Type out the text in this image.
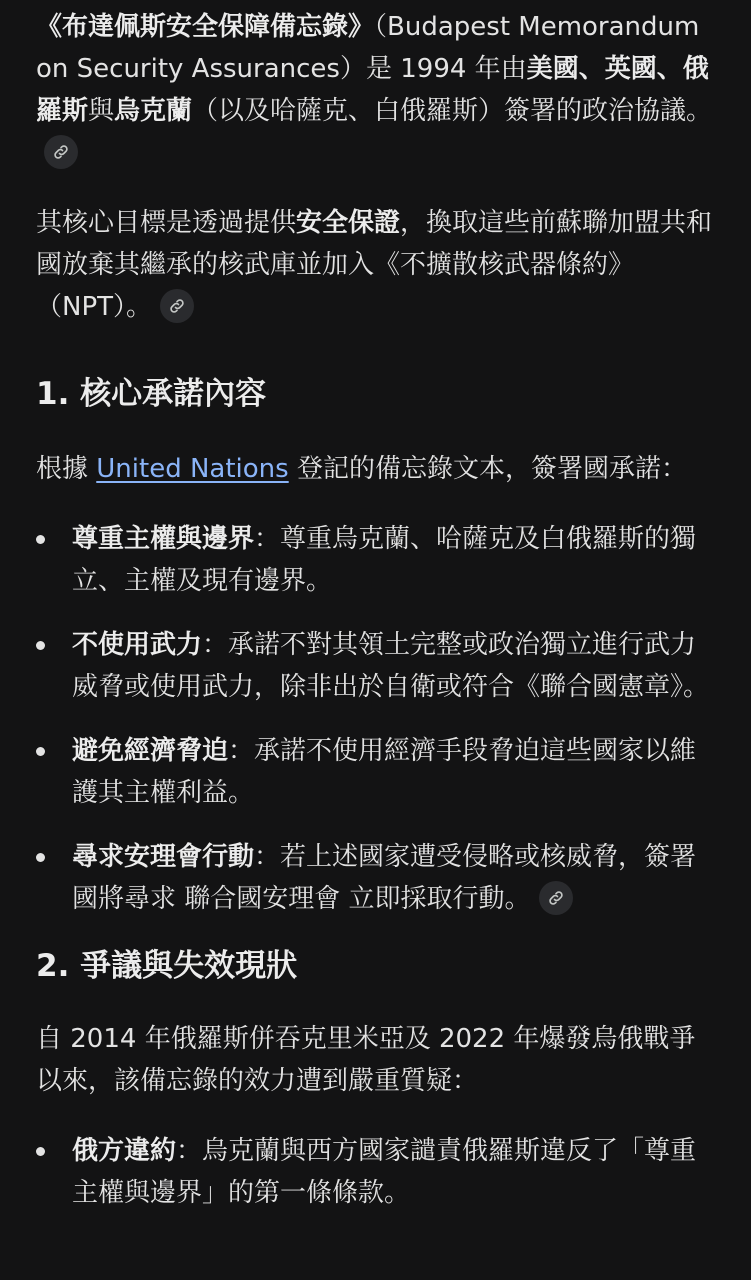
《布達佩斯安全保障備忘錄》（Budapest Memorandum on Security Assurances）是 1994 年由美國、英國、俄羅斯與烏克蘭（以及哈薩克、白俄羅斯）簽署的政治協議。

其核心目標是透過提供安全保證，換取這些前蘇聯加盟共和國放棄其繼承的核武庫並加入《不擴散核武器條約》（NPT）。

1. 核心承諾內容

根據 United Nations 登記的備忘錄文本，簽署國承諾：

尊重主權與邊界：尊重烏克蘭、哈薩克及白俄羅斯的獨立、主權及現有邊界。
不使用武力：承諾不對其領土完整或政治獨立進行武力威脅或使用武力，除非出於自衛或符合《聯合國憲章》。
避免經濟脅迫：承諾不使用經濟手段脅迫這些國家以維護其主權利益。
尋求安理會行動：若上述國家遭受侵略或核威脅，簽署國將尋求 聯合國安理會 立即採取行動。
2. 爭議與失效現狀

自 2014 年俄羅斯併吞克里米亞及 2022 年爆發烏俄戰爭以來，該備忘錄的效力遭到嚴重質疑：

俄方違約：烏克蘭與西方國家譴責俄羅斯違反了「尊重主權與邊界」的第一條條款。
